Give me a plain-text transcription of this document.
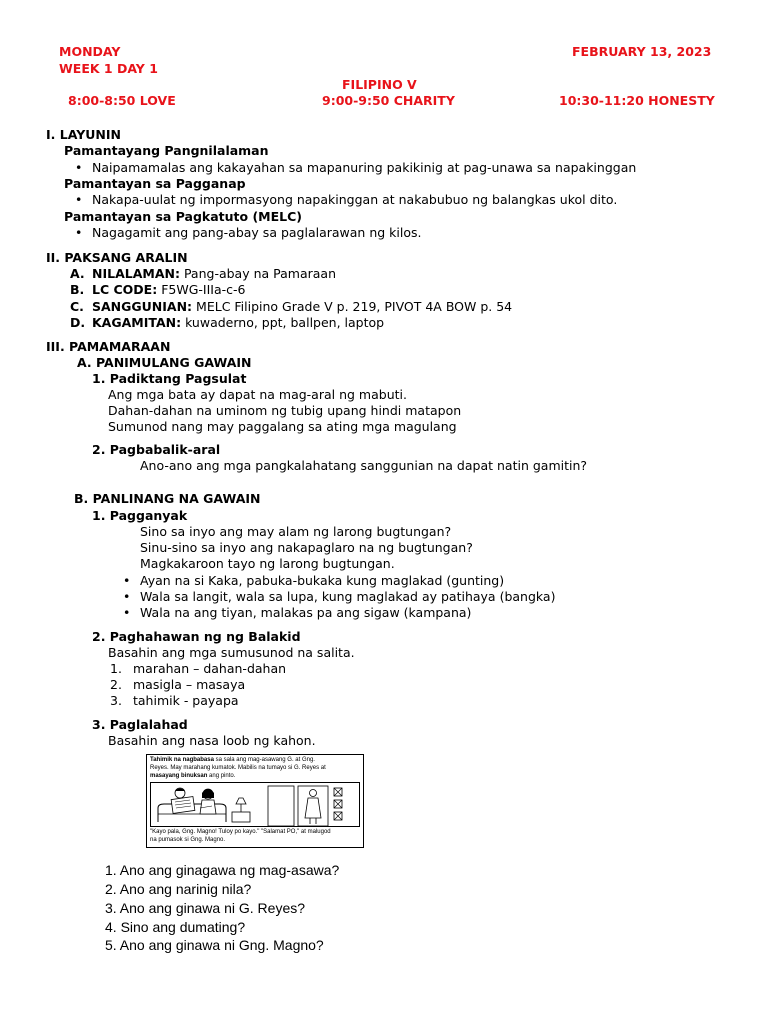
MONDAY
WEEK 1 DAY 1
FEBRUARY 13, 2023
FILIPINO V
8:00-8:50 LOVE	9:00-9:50 CHARITY	10:30-11:20 HONESTY
I. LAYUNIN
Pamantayang Pangnilalaman
• Naipamamalas ang kakayahan sa mapanuring pakikinig at pag-unawa sa napakinggan
Pamantayan sa Pagganap
• Nakapa-uulat ng impormasyong napakinggan at nakabubuo ng balangkas ukol dito.
Pamantayan sa Pagkatuto (MELC)
• Nagagamit ang pang-abay sa paglalarawan ng kilos.
II. PAKSANG ARALIN
A. NILALAMAN: Pang-abay na Pamaraan
B. LC CODE: F5WG-IIIa-c-6
C. SANGGUNIAN: MELC Filipino Grade V p. 219, PIVOT 4A BOW p. 54
D. KAGAMITAN: kuwaderno, ppt, ballpen, laptop
III. PAMAMARAAN
A. PANIMULANG GAWAIN
1. Padiktang Pagsulat
Ang mga bata ay dapat na mag-aral ng mabuti.
Dahan-dahan na uminom ng tubig upang hindi matapon
Sumunod nang may paggalang sa ating mga magulang
2. Pagbabalik-aral
Ano-ano ang mga pangkalahatang sanggunian na dapat natin gamitin?
B. PANLINANG NA GAWAIN
1. Pagganyak
Sino sa inyo ang may alam ng larong bugtungan?
Sinu-sino sa inyo ang nakapaglaro na ng bugtungan?
Magkakaroon tayo ng larong bugtungan.
• Ayan na si Kaka, pabuka-bukaka kung maglakad (gunting)
• Wala sa langit, wala sa lupa, kung maglakad ay patihaya (bangka)
• Wala na ang tiyan, malakas pa ang sigaw (kampana)
2. Paghahawan ng ng Balakid
Basahin ang mga sumusunod na salita.
1. marahan – dahan-dahan
2. masigla – masaya
3. tahimik - payapa
3. Paglalahad
Basahin ang nasa loob ng kahon.
Tahimik na nagbabasa sa sala ang mag-asawang G. at Gng.
Reyes. May marahang kumatok. Mabilis na tumayo si G. Reyes at
masayang binuksan ang pinto.
"Kayo pala, Gng. Magno! Tuloy po kayo." "Salamat PO," at malugod
na pumasok si Gng. Magno.
1. Ano ang ginagawa ng mag-asawa?
2. Ano ang narinig nila?
3. Ano ang ginawa ni G. Reyes?
4. Sino ang dumating?
5. Ano ang ginawa ni Gng. Magno?
